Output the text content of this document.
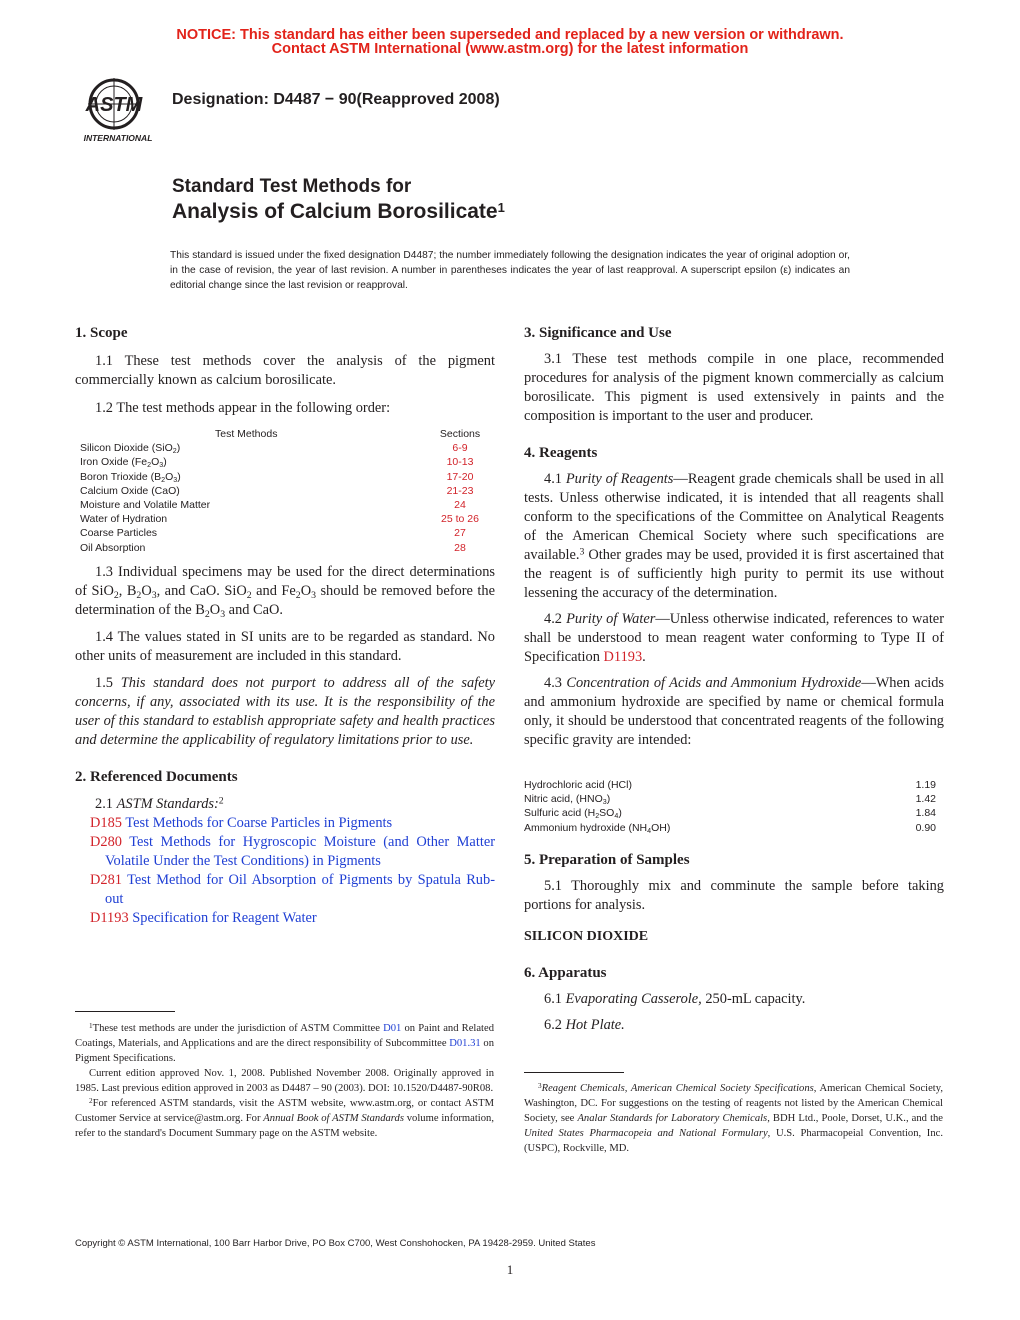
NOTICE: This standard has either been superseded and replaced by a new version or withdrawn.
Contact ASTM International (www.astm.org) for the latest information
ASTM
INTERNATIONAL
Designation: D4487 − 90(Reapproved 2008)
Standard Test Methods for
Analysis of Calcium Borosilicate$^1$
This standard is issued under the fixed designation D4487; the number immediately following the designation indicates the year of original adoption or, in the case of revision, the year of last revision. A number in parentheses indicates the year of last reapproval. A superscript epsilon (ε) indicates an editorial change since the last revision or reapproval.

1. Scope

1.1 These test methods cover the analysis of the pigment commercially known as calcium borosilicate.

1.2 The test methods appear in the following order:

Test Methods	Sections
Silicon Dioxide (SiO$_2$)	6-9
Iron Oxide $(Fe_2O_3)$	10-13
Boron Trioxide $(B_2O_3)$	17-20
Calcium Oxide (CaO)	21-23
Moisture and Volatile Matter	24
Water of Hydration	25 to 26
Coarse Particles	27
Oil Absorption	28

1.3 Individual specimens may be used for the direct determinations of SiO$_2$, $B_2O_3$, and CaO. SiO$_2$ and $Fe_2O_3$ should be removed before the determination of the $B_2O_3$ and CaO.

1.4 The values stated in SI units are to be regarded as standard. No other units of measurement are included in this standard.

1.5 This standard does not purport to address all of the safety concerns, if any, associated with its use. It is the responsibility of the user of this standard to establish appropriate safety and health practices and determine the applicability of regulatory limitations prior to use.

2. Referenced Documents

2.1 ASTM Standards:$^2$

D185 Test Methods for Coarse Particles in Pigments

D280 Test Methods for Hygroscopic Moisture (and Other Matter Volatile Under the Test Conditions) in Pigments

D281 Test Method for Oil Absorption of Pigments by Spatula Rub-out

D1193 Specification for Reagent Water

$^1$These test methods are under the jurisdiction of ASTM Committee D01 on Paint and Related Coatings, Materials, and Applications and are the direct responsibility of Subcommittee D01.31 on Pigment Specifications.

Current edition approved Nov. 1, 2008. Published November 2008. Originally approved in 1985. Last previous edition approved in 2003 as D4487 – 90 (2003). DOI: 10.1520/D4487-90R08.

$^2$For referenced ASTM standards, visit the ASTM website, www.astm.org, or contact ASTM Customer Service at service@astm.org. For Annual Book of ASTM Standards volume information, refer to the standard's Document Summary page on the ASTM website.

3. Significance and Use

3.1 These test methods compile in one place, recommended procedures for analysis of the pigment known commercially as calcium borosilicate. This pigment is used extensively in paints and the composition is important to the user and producer.

4. Reagents

4.1 Purity of Reagents—Reagent grade chemicals shall be used in all tests. Unless otherwise indicated, it is intended that all reagents shall conform to the specifications of the Committee on Analytical Reagents of the American Chemical Society where such specifications are available.$^3$ Other grades may be used, provided it is first ascertained that the reagent is of sufficiently high purity to permit its use without lessening the accuracy of the determination.

4.2 Purity of Water—Unless otherwise indicated, references to water shall be understood to mean reagent water conforming to Type II of Specification D1193.

4.3 Concentration of Acids and Ammonium Hydroxide—When acids and ammonium hydroxide are specified by name or chemical formula only, it should be understood that concentrated reagents of the following specific gravity are intended:

Hydrochloric acid (HCl)	1.19
Nitric acid, $(HNO_3)$	1.42
Sulfuric acid $(H_2SO_4)$	1.84
Ammonium hydroxide $(NH_4OH)$	0.90

5. Preparation of Samples

5.1 Thoroughly mix and comminute the sample before taking portions for analysis.

SILICON DIOXIDE

6. Apparatus

6.1 Evaporating Casserole, 250-mL capacity.

6.2 Hot Plate.

$^3$Reagent Chemicals, American Chemical Society Specifications, American Chemical Society, Washington, DC. For suggestions on the testing of reagents not listed by the American Chemical Society, see Analar Standards for Laboratory Chemicals, BDH Ltd., Poole, Dorset, U.K., and the United States Pharmacopeia and National Formulary, U.S. Pharmacopeial Convention, Inc. (USPC), Rockville, MD.

Copyright © ASTM International, 100 Barr Harbor Drive, PO Box C700, West Conshohocken, PA 19428-2959. United States
1
